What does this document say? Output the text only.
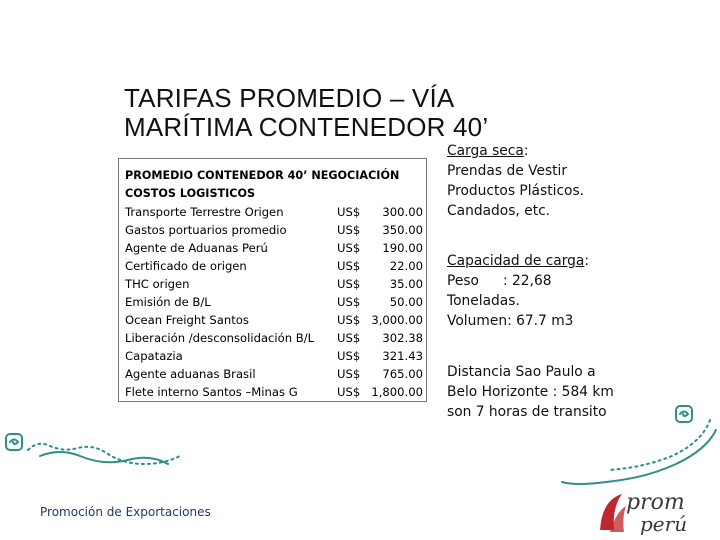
TARIFAS PROMEDIO – VÍA
MARÍTIMA CONTENEDOR 40’
PROMEDIO CONTENEDOR 40’ NEGOCIACIÓN
COSTOS LOGISTICOS
Transporte Terrestre Origen	US$	300.00
Gastos portuarios promedio	US$	350.00
Agente de Aduanas Perú	US$	190.00
Certificado de origen	US$	22.00
THC origen	US$	35.00
Emisión de B/L	US$	50.00
Ocean Freight Santos	US$ 3,000.00
Liberación /desconsolidación B/L	US$	302.38
Capatazia	US$	321.43
Agente aduanas Brasil	US$	765.00
Flete interno Santos –Minas G	US$ 1,800.00
Carga seca:
Prendas de Vestir
Productos Plásticos.
Candados, etc.
Capacidad de carga:
Peso : 22,68
Toneladas.
Volumen: 67.7 m3
Distancia Sao Paulo a
Belo Horizonte : 584 km
son 7 horas de transito
Promoción de Exportaciones	prom
perú
